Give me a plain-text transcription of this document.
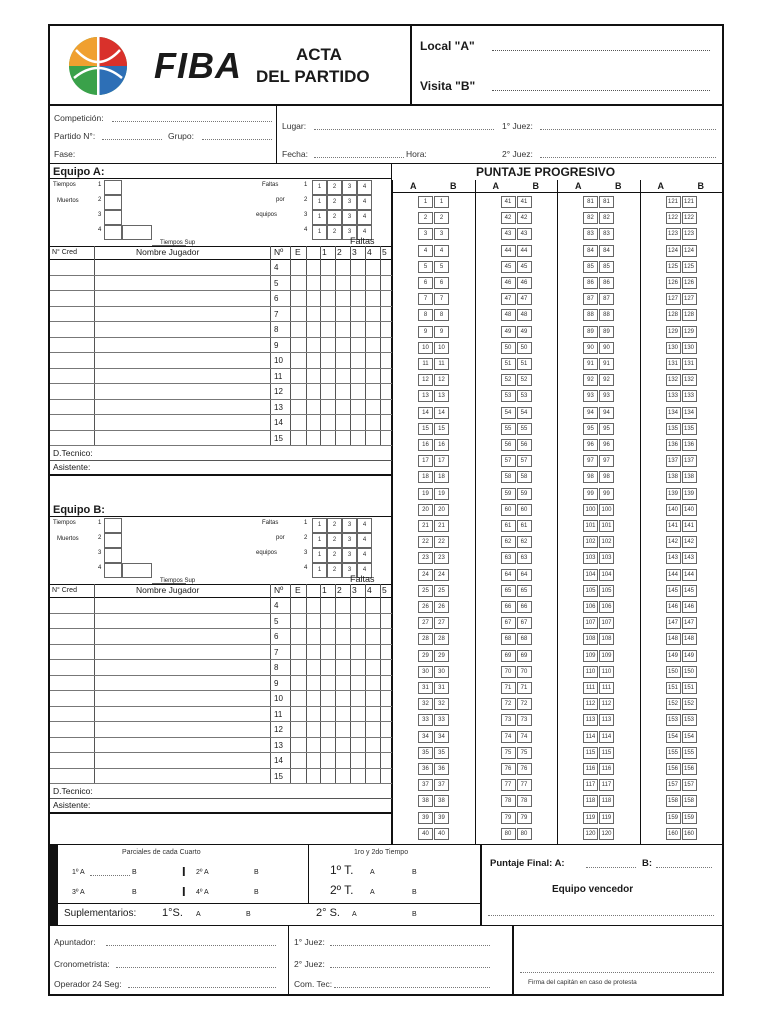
FIBA	ACTA
DEL PARTIDO
Local "A"
Visita "B"
Competición:
Partido N°:	Grupo:
Fase:
Lugar:	1° Juez:
Fecha:	Hora:	2° Juez:
Equipo A:
Tiempos
Muertos
1
2
3
4
Tiempos Sup
Faltas
por
equipos
1	1	2	3	4
2	1	2	3	4
3	1	2	3	4
4	1	2	3	4
Faltas
N° Cred	Nombre Jugador	Nº E	1 2 3 4 5
4
5
6
7
8
9
10
11
12
13
14
15
D.Tecnico:
Asistente:
Equipo B:
Tiempos
Muertos
1
2
3
4
Tiempos Sup
Faltas
por
equipos
1	1	2	3	4
2	1	2	3	4
3	1	2	3	4
4	1	2	3	4
Faltas
N° Cred	Nombre Jugador	Nº E	1 2 3 4 5
4
5
6
7
8
9
10
11
12
13
14
15
D.Tecnico:
Asistente:
PUNTAJE PROGRESIVO
A	B
1	1
2	2
3	3
4	4
5	5
6	6
7	7
8	8
9	9
10	10
11	11
12	12
13	13
14	14
15	15
16	16
17	17
18	18
19	19
20	20
21	21
22	22
23	23
24	24
25	25
26	26
27	27
28	28
29	29
30	30
31	31
32	32
33	33
34	34
35	35
36	36
37	37
38	38
39	39
40	40
A	B
41	41
42	42
43	43
44	44
45	45
46	46
47	47
48	48
49	49
50	50
51	51
52	52
53	53
54	54
55	55
56	56
57	57
58	58
59	59
60	60
61	61
62	62
63	63
64	64
65	65
66	66
67	67
68	68
69	69
70	70
71	71
72	72
73	73
74	74
75	75
76	76
77	77
78	78
79	79
80	80
A	B
81	81
82	82
83	83
84	84
85	85
86	86
87	87
88	88
89	89
90	90
91	91
92	92
93	93
94	94
95	95
96	96
97	97
98	98
99	99
100 100
101 101
102 102
103 103
104 104
105 105
106 106
107 107
108 108
109 109
110	110
111	111
112	112
113	113
114	114
115	115
116	116
117	117
118	118
119	119
120 120
A	B
121 121
122 122
123 123
124 124
125 125
126 126
127 127
128 128
129 129
130 130
131 131
132 132
133 133
134 134
135 135
136 136
137 137
138 138
139 139
140 140
141 141
142 142
143 143
144 144
145 145
146 146
147 147
148 148
149 149
150 150
151 151
152 152
153 153
154 154
155 155
156 156
157 157
158 158
159 159
160 160
Parciales de cada Cuarto
1º A	B	I 2º A	B
3º A	B	I 4º A	B
Suplementarios: 1°S. A	B	2° S. A	B
1ro y 2do Tiempo
1º T. A	B
2º T. A	B
Puntaje Final: A:	B:
Equipo vencedor
Apuntador:
Cronometrista:
Operador 24 Seg:
1° Juez:
2° Juez:
Com. Tec:	Firma del capitán en caso de protesta
